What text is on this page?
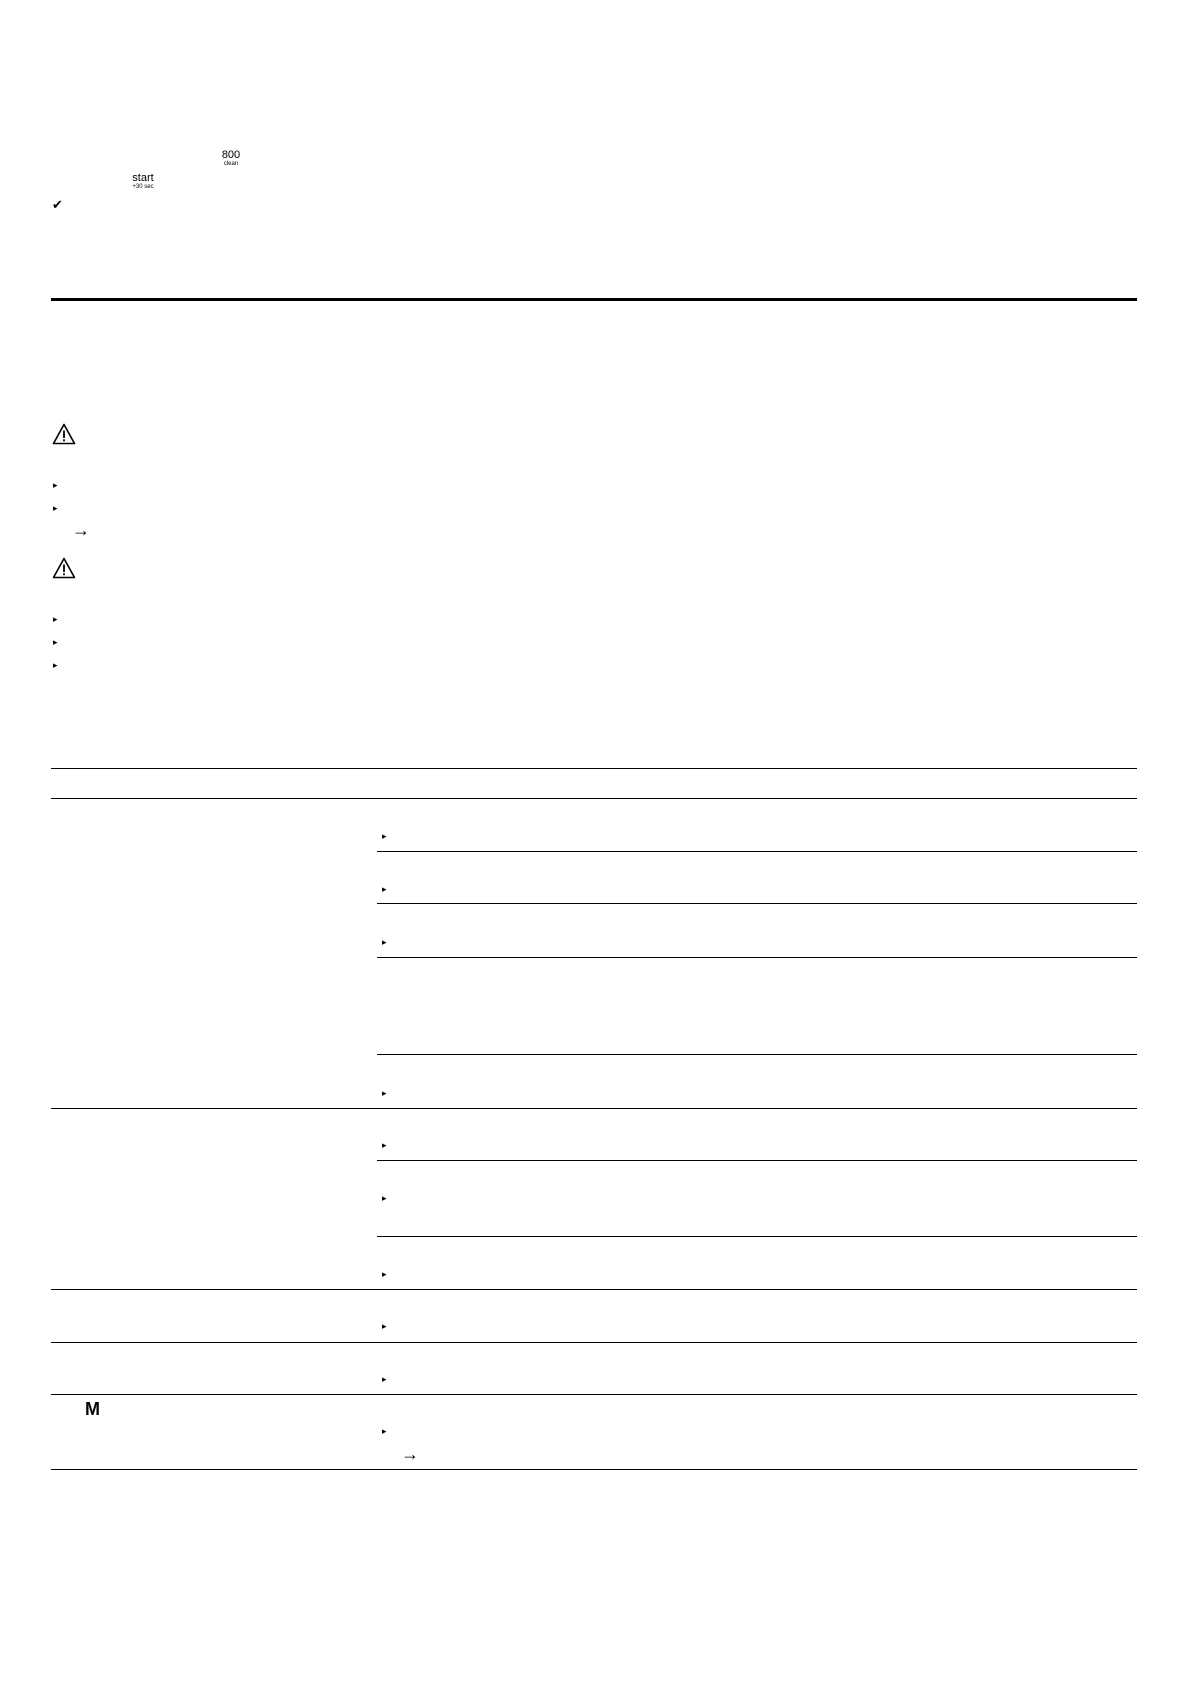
800
clean
start
+30 sec
✔
▸
▸
→
▸
▸
▸
▸
▸
▸
▸
▸
▸
▸
▸
▸
M
▸
→
